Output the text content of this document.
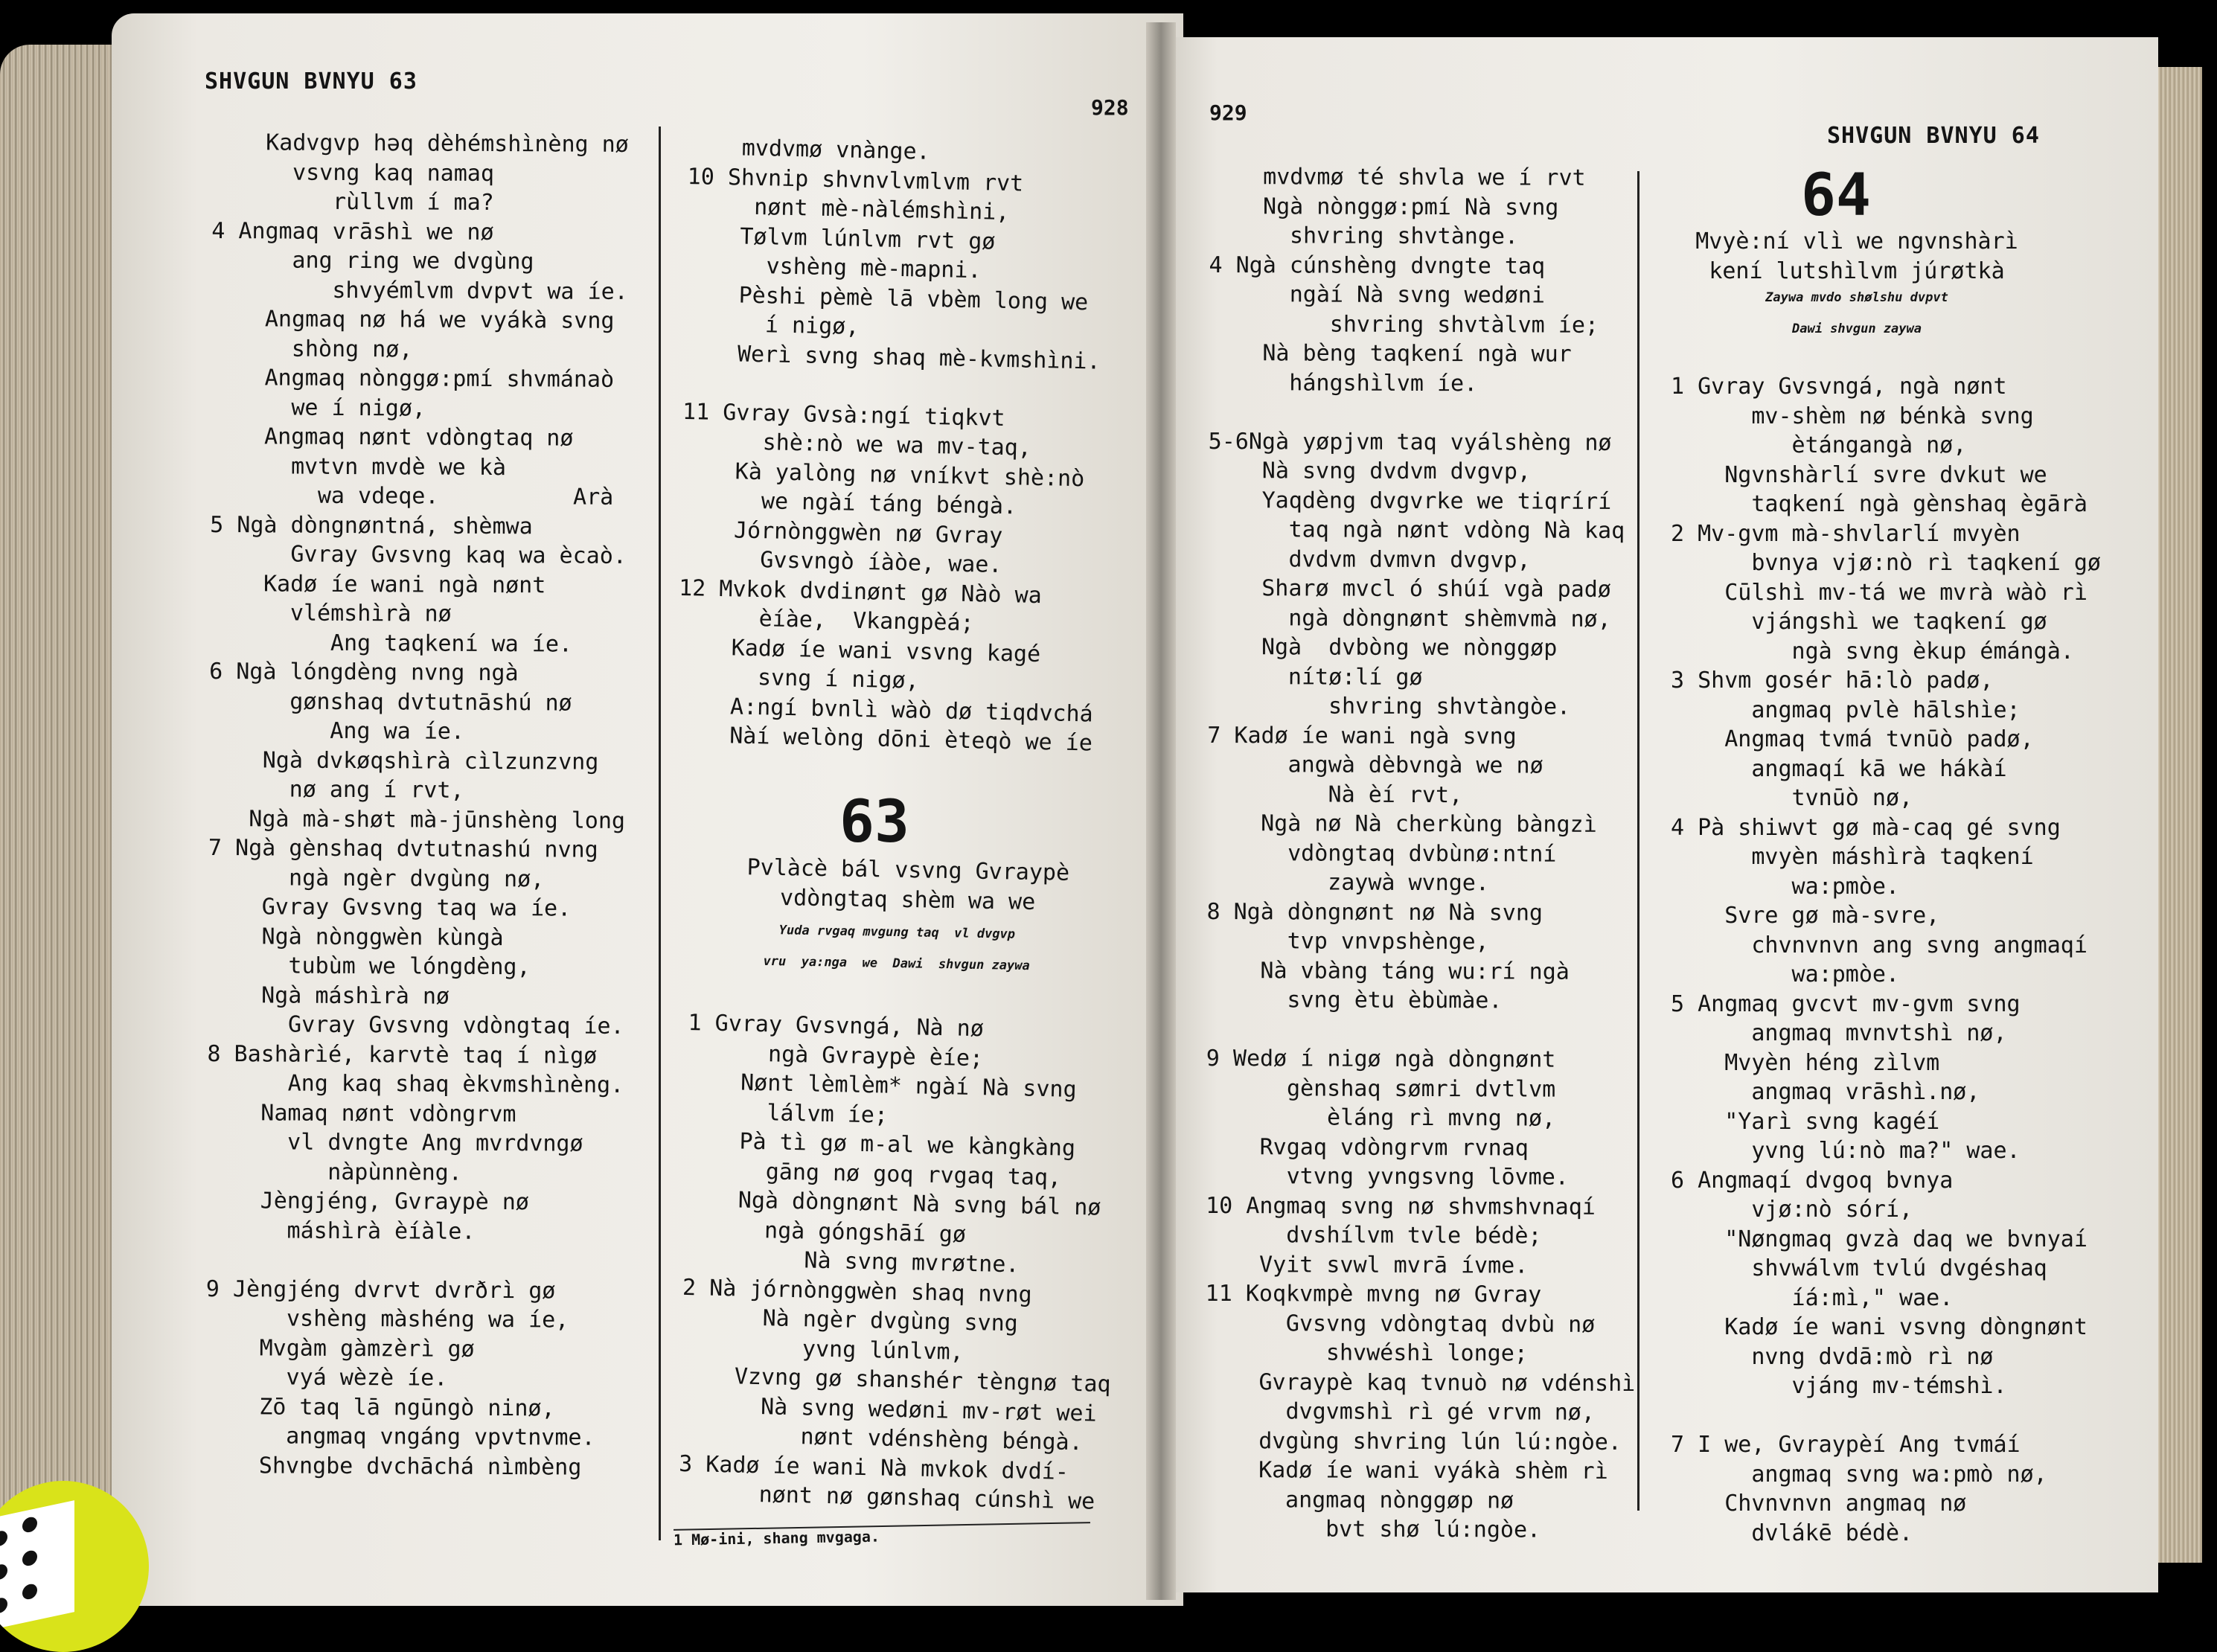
SHVGUN BVNYU 63
928
Kadvgvp həq dèhémshìnèng nø
vsvng kaq namaq
rùllvm í ma?
4 Angmaq vrāshì we nø
ang ring we dvgùng
shvyémlvm dvpvt wa íe.
Angmaq nø há we vyákà svng
shòng nø,
Angmaq nònggø:pmí shvmánaò
we í nigø,
Angmaq nønt vdòngtaq nø
mvtvn mvdè we kà
wa vdeqe.          Arà
5 Ngà dòngnøntná, shèmwa
Gvray Gvsvng kaq wa ècaò.
Kadø íe wani ngà nønt
vlémshìrà nø
Ang taqkení wa íe.
6 Ngà lóngdèng nvng ngà
gønshaq dvtutnāshú nø
Ang wa íe.
Ngà dvkøqshìrà cìlzunzvng
nø ang í rvt,
Ngà mà-shøt mà-jūnshèng long
7 Ngà gènshaq dvtutnashú nvng
ngà ngèr dvgùng nø,
Gvray Gvsvng taq wa íe.
Ngà nònggwèn kùngà
tubùm we lóngdèng,
Ngà máshìrà nø
Gvray Gvsvng vdòngtaq íe.
8 Bashàrìé, karvtè taq í nìgø
Ang kaq shaq èkvmshìnèng.
Namaq nønt vdòngrvm
vl dvngte Ang mvrdvngø
nàpùnnèng.
Jèngjéng, Gvraypè nø
máshìrà èíàle.

9 Jèngjéng dvrvt dvrðrì gø
vshèng màshéng wa íe,
Mvgàm gàmzèrì gø
vyá wèzè íe.
Zō taq lā ngūngò ninø,
angmaq vngáng vpvtnvme.
Shvngbe dvchāchá nìmbèng
mvdvmø vnànge.
10 Shvnip shvnvlvmlvm rvt
nønt mè-nàlémshìni,
Tølvm lúnlvm rvt gø
vshèng mè-mapni.
Pèshi pèmè lā vbèm long we
í nigø,
Werì svng shaq mè-kvmshìni.

11 Gvray Gvsà:ngí tiqkvt
shè:nò we wa mv-taq,
Kà yalòng nø vníkvt shè:nò
we ngàí táng béngà.
Jórnònggwèn nø Gvray
Gvsvngò íàòe, wae.
12 Mvkok dvdinønt gø Nàò wa
èíàe,  Vkangpèá;
Kadø íe wani vsvng kagé
svng í nigø,
A:ngí bvnlì wàò dø tiqdvchá
Nàí welòng dōni èteqò we íe
63
Pvlàcè bál vsvng Gvraypè
vdòngtaq shèm wa we
Yuda rvgaq mvgung taq  vl dvgvp
vru  ya:nga  we  Dawi  shvgun zaywa
1 Gvray Gvsvngá, Nà nø
ngà Gvraypè èíe;
Nønt lèmlèm* ngàí Nà svng
lálvm íe;
Pà tì gø m-al we kàngkàng
gāng nø goq rvgaq taq,
Ngà dòngnønt Nà svng bál nø
ngà góngshāí gø
Nà svng mvrøtne.
2 Nà jórnònggwèn shaq nvng
Nà ngèr dvgùng svng
yvng lúnlvm,
Vzvng gø shanshér tèngnø taq
Nà svng wedøni mv-røt wei
nønt vdénshèng béngà.
3 Kadø íe wani Nà mvkok dvdí-
nønt nø gønshaq cúnshì we
1 Mø-ini, shang mvgaga.
929
SHVGUN BVNYU 64
mvdvmø té shvla we í rvt
Ngà nònggø:pmí Nà svng
shvring shvtànge.
4 Ngà cúnshèng dvngte taq
ngàí Nà svng wedøni
shvring shvtàlvm íe;
Nà bèng taqkení ngà wur
hángshìlvm íe.

5-6Ngà yøpjvm taq vyálshèng nø
Nà svng dvdvm dvgvp,
Yaqdèng dvgvrke we tiqrírí
taq ngà nønt vdòng Nà kaq
dvdvm dvmvn dvgvp,
Sharø mvcl ó shúí vgà padø
ngà dòngnønt shèmvmà nø,
Ngà  dvbòng we nònggøp
nítø:lí gø
shvring shvtàngòe.
7 Kadø íe wani ngà svng
angwà dèbvngà we nø
Nà èí rvt,
Ngà nø Nà cherkùng bàngzì
vdòngtaq dvbùnø:ntní
zaywà wvnge.
8 Ngà dòngnønt nø Nà svng
tvp vnvpshènge,
Nà vbàng táng wu:rí ngà
svng ètu èbùmàe.

9 Wedø í nigø ngà dòngnønt
gènshaq sømri dvtlvm
èláng rì mvng nø,
Rvgaq vdòngrvm rvnaq
vtvng yvngsvng lōvme.
10 Angmaq svng nø shvmshvnaqí
dvshílvm tvle bédè;
Vyit svwl mvrā ívme.
11 Koqkvmpè mvng nø Gvray
Gvsvng vdòngtaq dvbù nø
shvwéshì longe;
Gvraypè kaq tvnuò nø vdénshì
dvgvmshì rì gé vrvm nø,
dvgùng shvring lún lú:ngòe.
Kadø íe wani vyákà shèm rì
angmaq nònggøp nø
bvt shø lú:ngòe.
64
Mvyè:ní vlì we ngvnshàrì
kení lutshìlvm júrøtkà
Zaywa mvdo shølshu dvpvt

Dawi shvgun zaywa
1 Gvray Gvsvngá, ngà nønt
mv-shèm nø bénkà svng
ètángangà nø,
Ngvnshàrlí svre dvkut we
taqkení ngà gènshaq ègārà
2 Mv-gvm mà-shvlarlí mvyèn
bvnya vjø:nò rì taqkení gø
Cūlshì mv-tá we mvrà wàò rì
vjángshì we taqkení gø
ngà svng èkup émángà.
3 Shvm gosér hā:lò padø,
angmaq pvlè hālshìe;
Angmaq tvmá tvnūò padø,
angmaqí kā we hákàí
tvnūò nø,
4 Pà shiwvt gø mà-caq gé svng
mvyèn máshìrà taqkení
wa:pmòe.
Svre gø mà-svre,
chvnvnvn ang svng angmaqí
wa:pmòe.
5 Angmaq gvcvt mv-gvm svng
angmaq mvnvtshì nø,
Mvyèn héng zìlvm
angmaq vrāshì.nø,
"Yarì svng kagéí
yvng lú:nò ma?" wae.
6 Angmaqí dvgoq bvnya
vjø:nò sórí,
"Nøngmaq gvzà daq we bvnyaí
shvwálvm tvlú dvgéshaq
íá:mì," wae.
Kadø íe wani vsvng dòngnønt
nvng dvdā:mò rì nø
vjáng mv-témshì.

7 I we, Gvraypèí Ang tvmáí
angmaq svng wa:pmò nø,
Chvnvnvn angmaq nø
dvlákē bédè.
